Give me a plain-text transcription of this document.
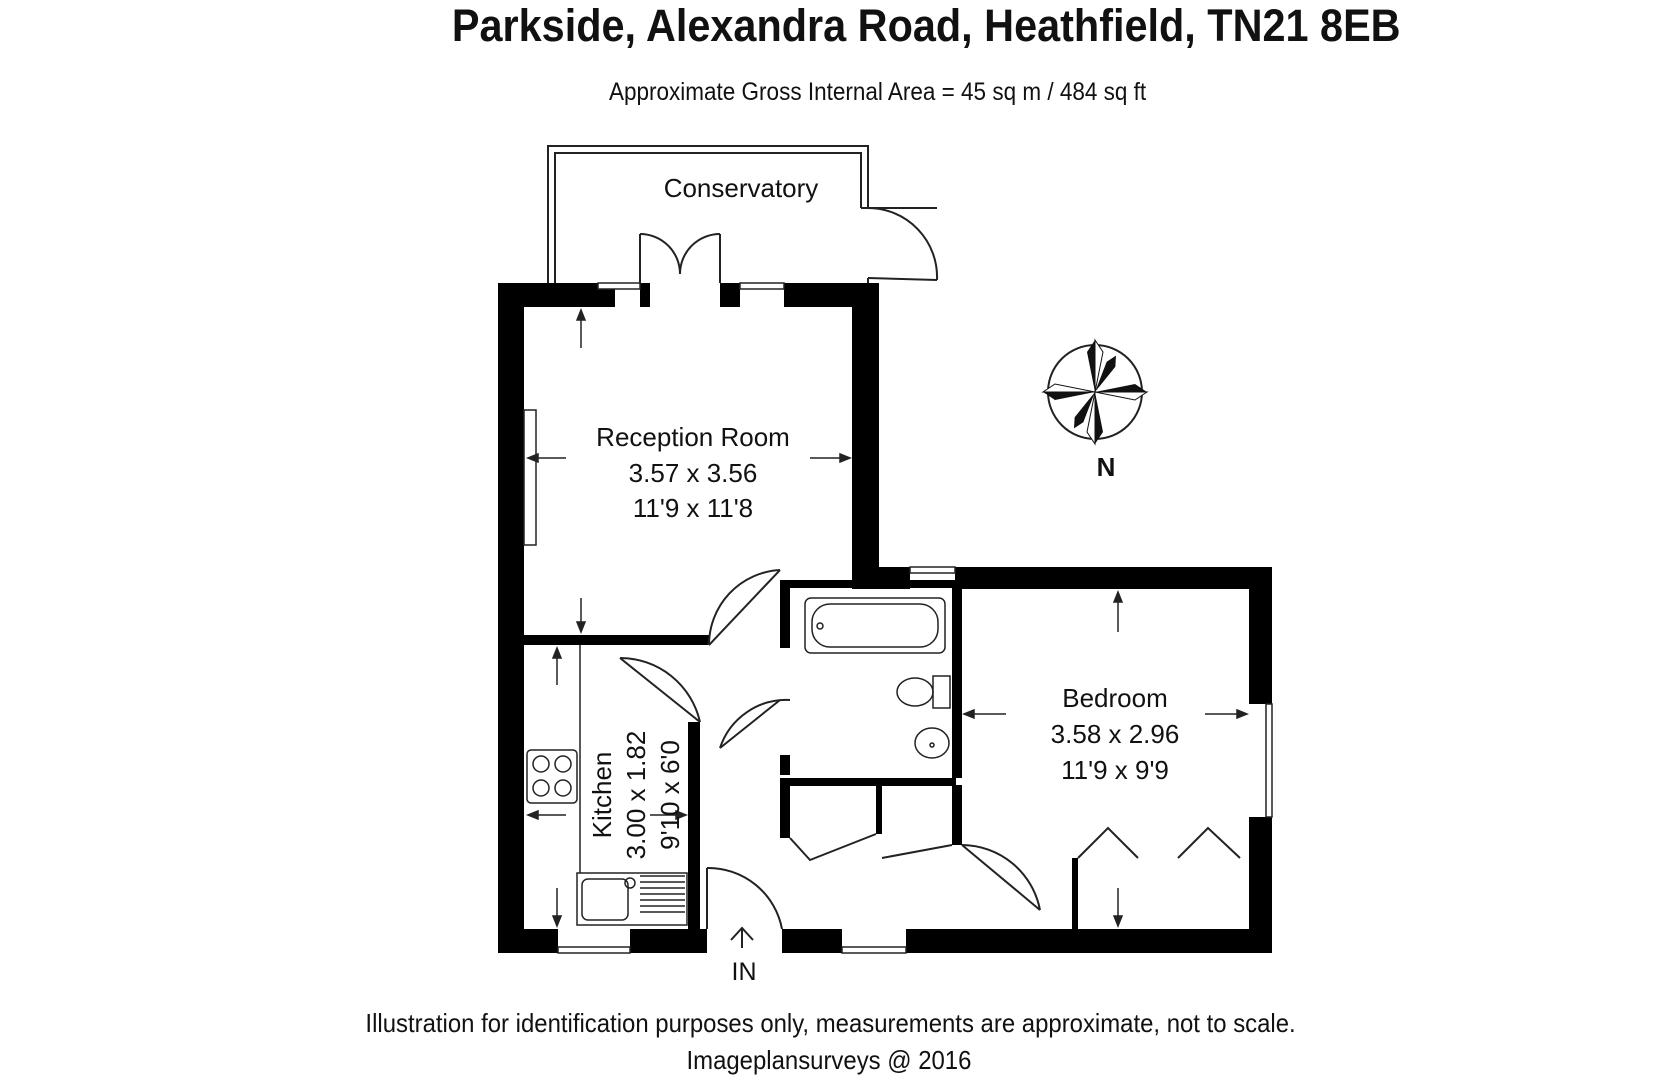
Parkside, Alexandra Road, Heathfield, TN21 8EB
Approximate Gross Internal Area = 45 sq m / 484 sq ft
N
IN
Conservatory
Reception Room
3.57 x 3.56
11'9 x 11'8
Bedroom
3.58 x 2.96
11'9 x 9'9
Kitchen 3.00 x 1.82 9'10 x 6'0
Illustration for identification purposes only, measurements are approximate, not to scale.
Imageplansurveys @ 2016
